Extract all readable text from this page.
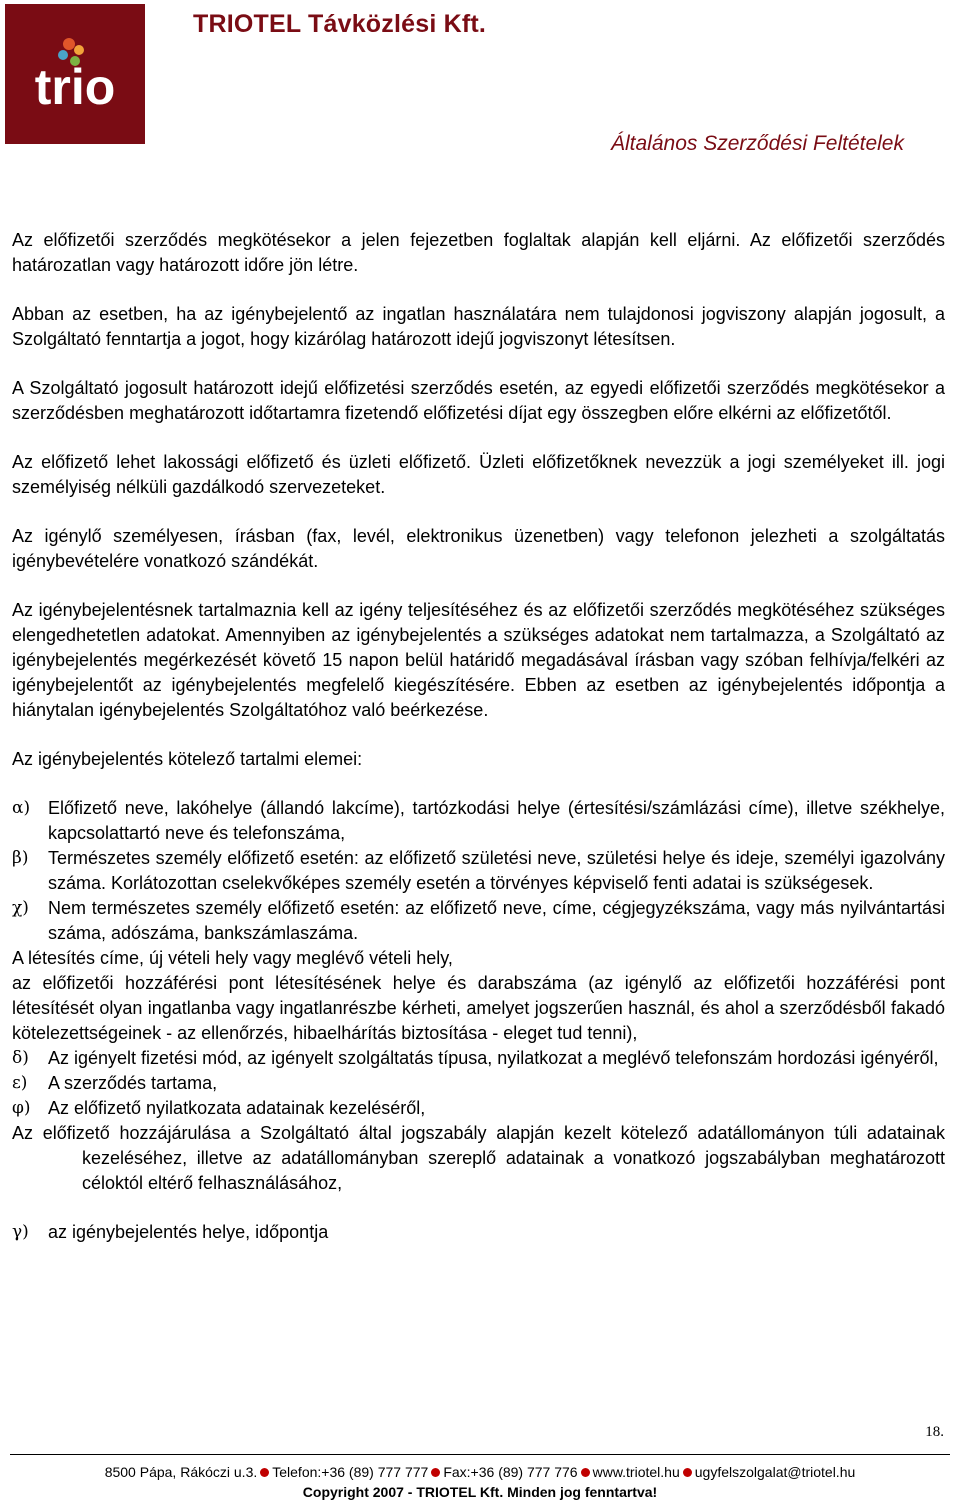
trio
TRIOTEL Távközlési Kft.
Általános Szerződési Feltételek

Az előfizetői szerződés megkötésekor a jelen fejezetben foglaltak alapján kell eljárni. Az előfizetői szerződés határozatlan vagy határozott időre jön létre.

Abban az esetben, ha az igénybejelentő az ingatlan használatára nem tulajdonosi jogviszony alapján jogosult, a Szolgáltató fenntartja a jogot, hogy kizárólag határozott idejű jogviszonyt létesítsen.

A Szolgáltató jogosult határozott idejű előfizetési szerződés esetén, az egyedi előfizetői szerződés megkötésekor a szerződésben meghatározott időtartamra fizetendő előfizetési díjat egy összegben előre elkérni az előfizetőtől.

Az előfizető lehet lakossági előfizető és üzleti előfizető. Üzleti előfizetőknek nevezzük a jogi személyeket ill. jogi személyiség nélküli gazdálkodó szervezeteket.

Az igénylő személyesen, írásban (fax, levél, elektronikus üzenetben) vagy telefonon jelezheti a szolgáltatás igénybevételére vonatkozó szándékát.

Az igénybejelentésnek tartalmaznia kell az igény teljesítéséhez és az előfizetői szerződés megkötéséhez szükséges elengedhetetlen adatokat. Amennyiben az igénybejelentés a szükséges adatokat nem tartalmazza, a Szolgáltató az igénybejelentés megérkezését követő 15 napon belül határidő megadásával írásban vagy szóban felhívja/felkéri az igénybejelentőt az igénybejelentés megfelelő kiegészítésére. Ebben az esetben az igénybejelentés időpontja a hiánytalan igénybejelentés Szolgáltatóhoz való beérkezése.

Az igénybejelentés kötelező tartalmi elemei:

α) Előfizető neve, lakóhelye (állandó lakcíme), tartózkodási helye (értesítési/számlázási címe), illetve székhelye, kapcsolattartó neve és telefonszáma,
β)	Természetes személy előfizető esetén: az előfizető születési neve, születési helye és ideje, személyi igazolvány száma. Korlátozottan cselekvőképes személy esetén a törvényes képviselő fenti adatai is szükségesek.
χ)	Nem természetes személy előfizető esetén: az előfizető neve, címe, cégjegyzékszáma, vagy más nyilvántartási száma, adószáma, bankszámlaszáma.

A létesítés címe, új vételi hely vagy meglévő vételi hely,

az előfizetői hozzáférési pont létesítésének helye és darabszáma (az igénylő az előfizetői hozzáférési pont létesítését olyan ingatlanba vagy ingatlanrészbe kérheti, amelyet jogszerűen használ, és ahol a szerződésből fakadó kötelezettségeinek - az ellenőrzés, hibaelhárítás biztosítása - eleget tud tenni),

δ)	Az igényelt fizetési mód, az igényelt szolgáltatás típusa, nyilatkozat a meglévő telefonszám hordozási igényéről,
ε)	A szerződés tartama,
φ) Az előfizető nyilatkozata adatainak kezeléséről,

Az előfizető hozzájárulása a Szolgáltató által jogszabály alapján kezelt kötelező adatállományon túli adatainak kezeléséhez, illetve az adatállományban szereplő adatainak a vonatkozó jogszabályban meghatározott céloktól eltérő felhasználásához,

γ)	az igénybejelentés helye, időpontja
18.
8500 Pápa, Rákóczi u.3. Telefon:+36 (89) 777 777 Fax:+36 (89) 777 776 www.triotel.hu ugyfelszolgalat@triotel.hu
Copyright 2007 - TRIOTEL Kft. Minden jog fenntartva!
